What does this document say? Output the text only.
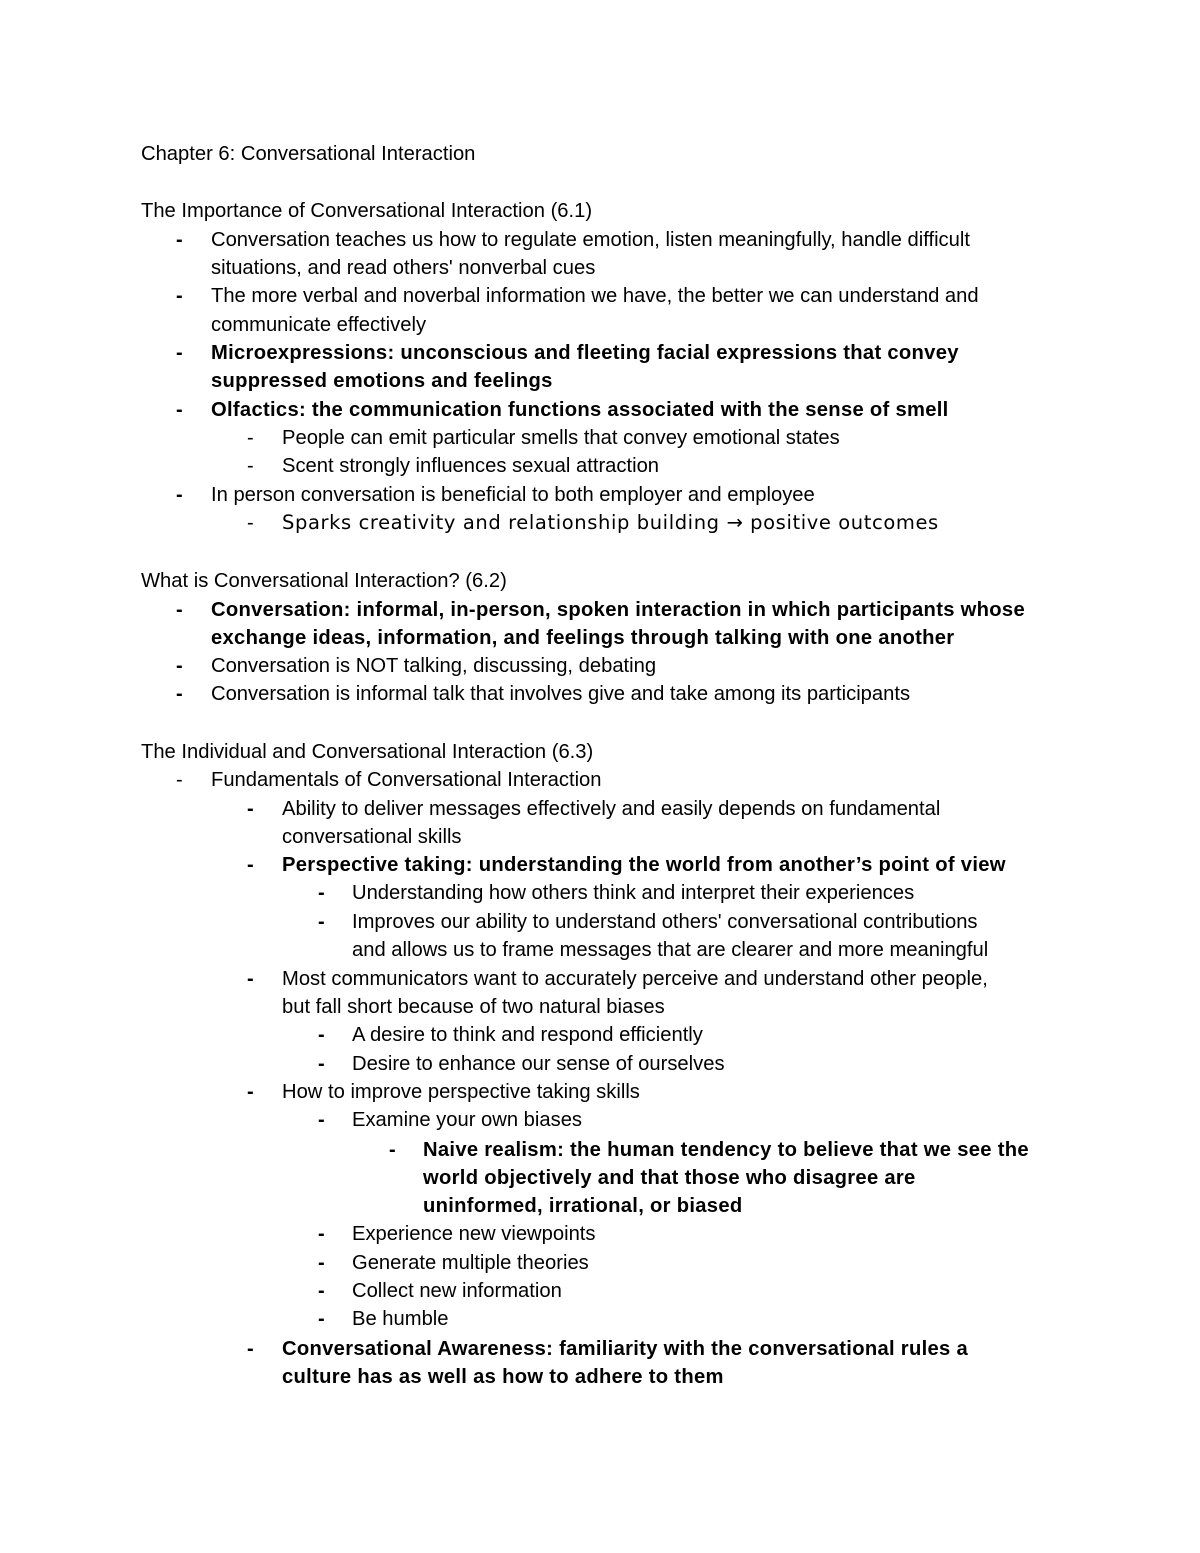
Chapter 6: Conversational Interaction
The Importance of Conversational Interaction (6.1)
- Conversation teaches us how to regulate emotion, listen meaningfully, handle difficult
situations, and read others' nonverbal cues
- The more verbal and noverbal information we have, the better we can understand and
communicate effectively
- Microexpressions: unconscious and fleeting facial expressions that convey
suppressed emotions and feelings
- Olfactics: the communication functions associated with the sense of smell
- People can emit particular smells that convey emotional states
- Scent strongly influences sexual attraction
- In person conversation is beneficial to both employer and employee
- Sparks creativity and relationship building → positive outcomes
What is Conversational Interaction? (6.2)
- Conversation: informal, in-person, spoken interaction in which participants whose
exchange ideas, information, and feelings through talking with one another
- Conversation is NOT talking, discussing, debating
- Conversation is informal talk that involves give and take among its participants
The Individual and Conversational Interaction (6.3)
- Fundamentals of Conversational Interaction
- Ability to deliver messages effectively and easily depends on fundamental
conversational skills
- Perspective taking: understanding the world from another’s point of view
- Understanding how others think and interpret their experiences
- Improves our ability to understand others' conversational contributions
and allows us to frame messages that are clearer and more meaningful
- Most communicators want to accurately perceive and understand other people,
but fall short because of two natural biases
- A desire to think and respond efficiently
- Desire to enhance our sense of ourselves
- How to improve perspective taking skills
- Examine your own biases
- Naive realism: the human tendency to believe that we see the
world objectively and that those who disagree are
uninformed, irrational, or biased
- Experience new viewpoints
- Generate multiple theories
- Collect new information
- Be humble
- Conversational Awareness: familiarity with the conversational rules a
culture has as well as how to adhere to them
